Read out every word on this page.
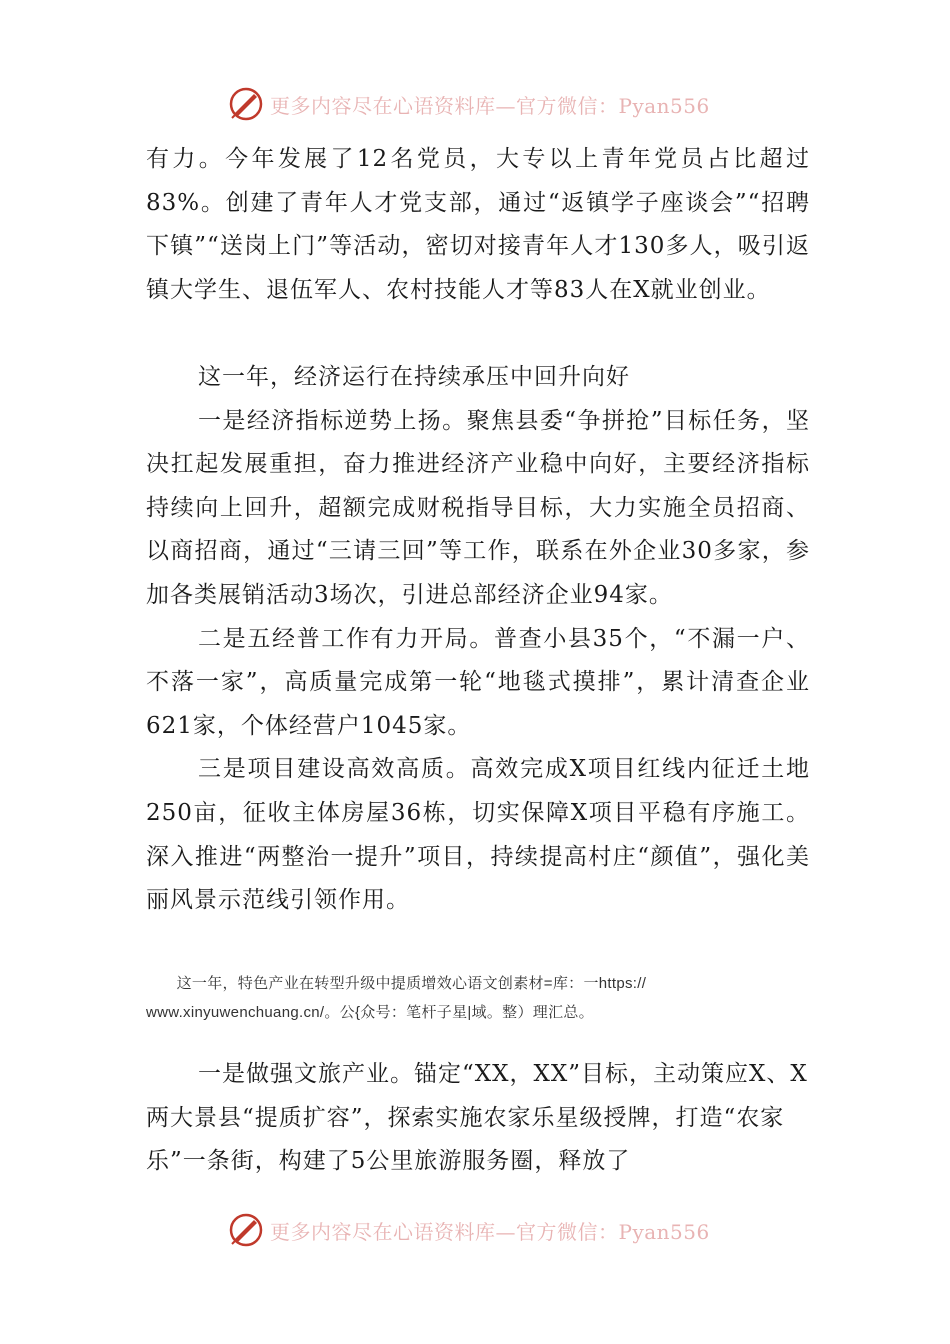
更多内容尽在心语资料库—官方微信：Pyan556

有力。今年发展了12名党员，大专以上青年党员占比超过83%。创建了青年人才党支部，通过“返镇学子座谈会”“招聘下镇”“送岗上门”等活动，密切对接青年人才130多人，吸引返镇大学生、退伍军人、农村技能人才等83人在X就业创业。

这一年，经济运行在持续承压中回升向好

一是经济指标逆势上扬。聚焦县委“争拼抢”目标任务，坚决扛起发展重担，奋力推进经济产业稳中向好，主要经济指标持续向上回升，超额完成财税指导目标，大力实施全员招商、以商招商，通过“三请三回”等工作，联系在外企业30多家，参加各类展销活动3场次，引进总部经济企业94家。

二是五经普工作有力开局。普查小县35个，“不漏一户、不落一家”，高质量完成第一轮“地毯式摸排”，累计清查企业621家，个体经营户1045家。

三是项目建设高效高质。高效完成X项目红线内征迁土地250亩，征收主体房屋36栋，切实保障X项目平稳有序施工。深入推进“两整治一提升”项目，持续提高村庄“颜值”，强化美丽风景示范线引领作用。

　　这一年，特色产业在转型升级中提质增效心语文创素材=库：一https://

www.xinyuwenchuang.cn/。公{众号：笔杆子星|域。整）理汇总。

一是做强文旅产业。锚定“XX，XX”目标，主动策应X、X两大景县“提质扩容”，探索实施农家乐星级授牌，打造“农家乐”一条街，构建了5公里旅游服务圈，释放了

更多内容尽在心语资料库—官方微信：Pyan556
